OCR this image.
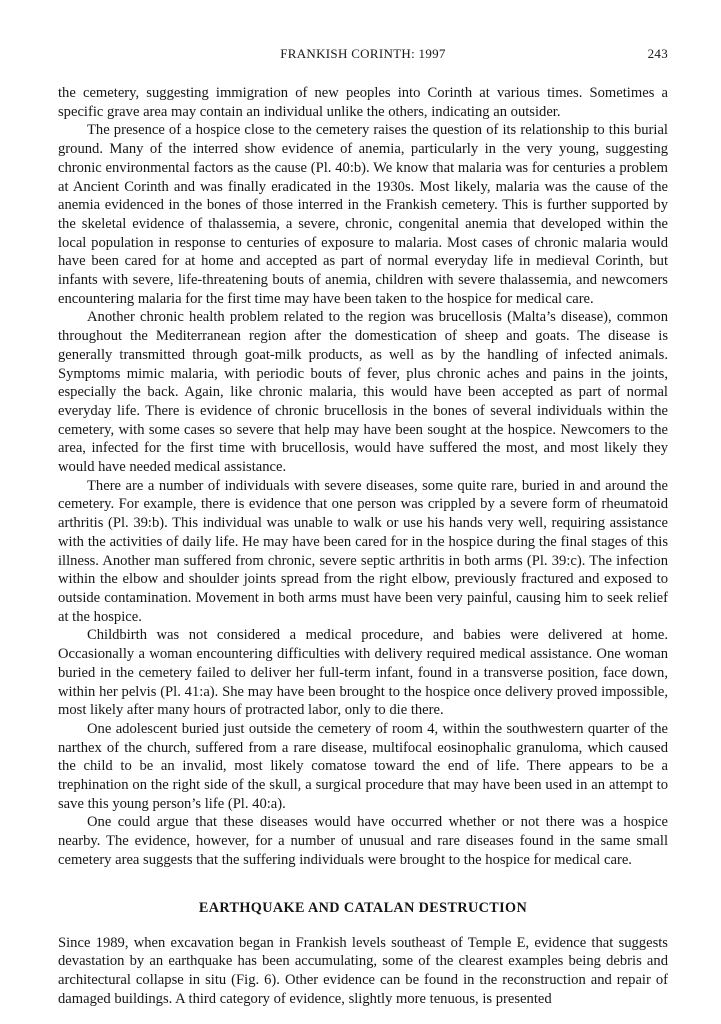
FRANKISH CORINTH: 1997	243

the cemetery, suggesting immigration of new peoples into Corinth at various times. Sometimes a specific grave area may contain an individual unlike the others, indicating an outsider.

The presence of a hospice close to the cemetery raises the question of its relationship to this burial ground. Many of the interred show evidence of anemia, particularly in the very young, suggesting chronic environmental factors as the cause (Pl. 40:b). We know that malaria was for centuries a problem at Ancient Corinth and was finally eradicated in the 1930s. Most likely, malaria was the cause of the anemia evidenced in the bones of those interred in the Frankish cemetery. This is further supported by the skeletal evidence of thalassemia, a severe, chronic, congenital anemia that developed within the local population in response to centuries of exposure to malaria. Most cases of chronic malaria would have been cared for at home and accepted as part of normal everyday life in medieval Corinth, but infants with severe, life-threatening bouts of anemia, children with severe thalassemia, and newcomers encountering malaria for the first time may have been taken to the hospice for medical care.

Another chronic health problem related to the region was brucellosis (Malta’s disease), common throughout the Mediterranean region after the domestication of sheep and goats. The disease is generally transmitted through goat-milk products, as well as by the handling of infected animals. Symptoms mimic malaria, with periodic bouts of fever, plus chronic aches and pains in the joints, especially the back. Again, like chronic malaria, this would have been accepted as part of normal everyday life. There is evidence of chronic brucellosis in the bones of several individuals within the cemetery, with some cases so severe that help may have been sought at the hospice. Newcomers to the area, infected for the first time with brucellosis, would have suffered the most, and most likely they would have needed medical assistance.

There are a number of individuals with severe diseases, some quite rare, buried in and around the cemetery. For example, there is evidence that one person was crippled by a severe form of rheumatoid arthritis (Pl. 39:b). This individual was unable to walk or use his hands very well, requiring assistance with the activities of daily life. He may have been cared for in the hospice during the final stages of this illness. Another man suffered from chronic, severe septic arthritis in both arms (Pl. 39:c). The infection within the elbow and shoulder joints spread from the right elbow, previously fractured and exposed to outside contamination. Movement in both arms must have been very painful, causing him to seek relief at the hospice.

Childbirth was not considered a medical procedure, and babies were delivered at home. Occasionally a woman encountering difficulties with delivery required medical assistance. One woman buried in the cemetery failed to deliver her full-term infant, found in a transverse position, face down, within her pelvis (Pl. 41:a). She may have been brought to the hospice once delivery proved impossible, most likely after many hours of protracted labor, only to die there.

One adolescent buried just outside the cemetery of room 4, within the southwestern quarter of the narthex of the church, suffered from a rare disease, multifocal eosinophalic granuloma, which caused the child to be an invalid, most likely comatose toward the end of life. There appears to be a trephination on the right side of the skull, a surgical procedure that may have been used in an attempt to save this young person’s life (Pl. 40:a).

One could argue that these diseases would have occurred whether or not there was a hospice nearby. The evidence, however, for a number of unusual and rare diseases found in the same small cemetery area suggests that the suffering individuals were brought to the hospice for medical care.

EARTHQUAKE AND CATALAN DESTRUCTION

Since 1989, when excavation began in Frankish levels southeast of Temple E, evidence that suggests devastation by an earthquake has been accumulating, some of the clearest examples being debris and architectural collapse in situ (Fig. 6). Other evidence can be found in the reconstruction and repair of damaged buildings. A third category of evidence, slightly more tenuous, is presented
